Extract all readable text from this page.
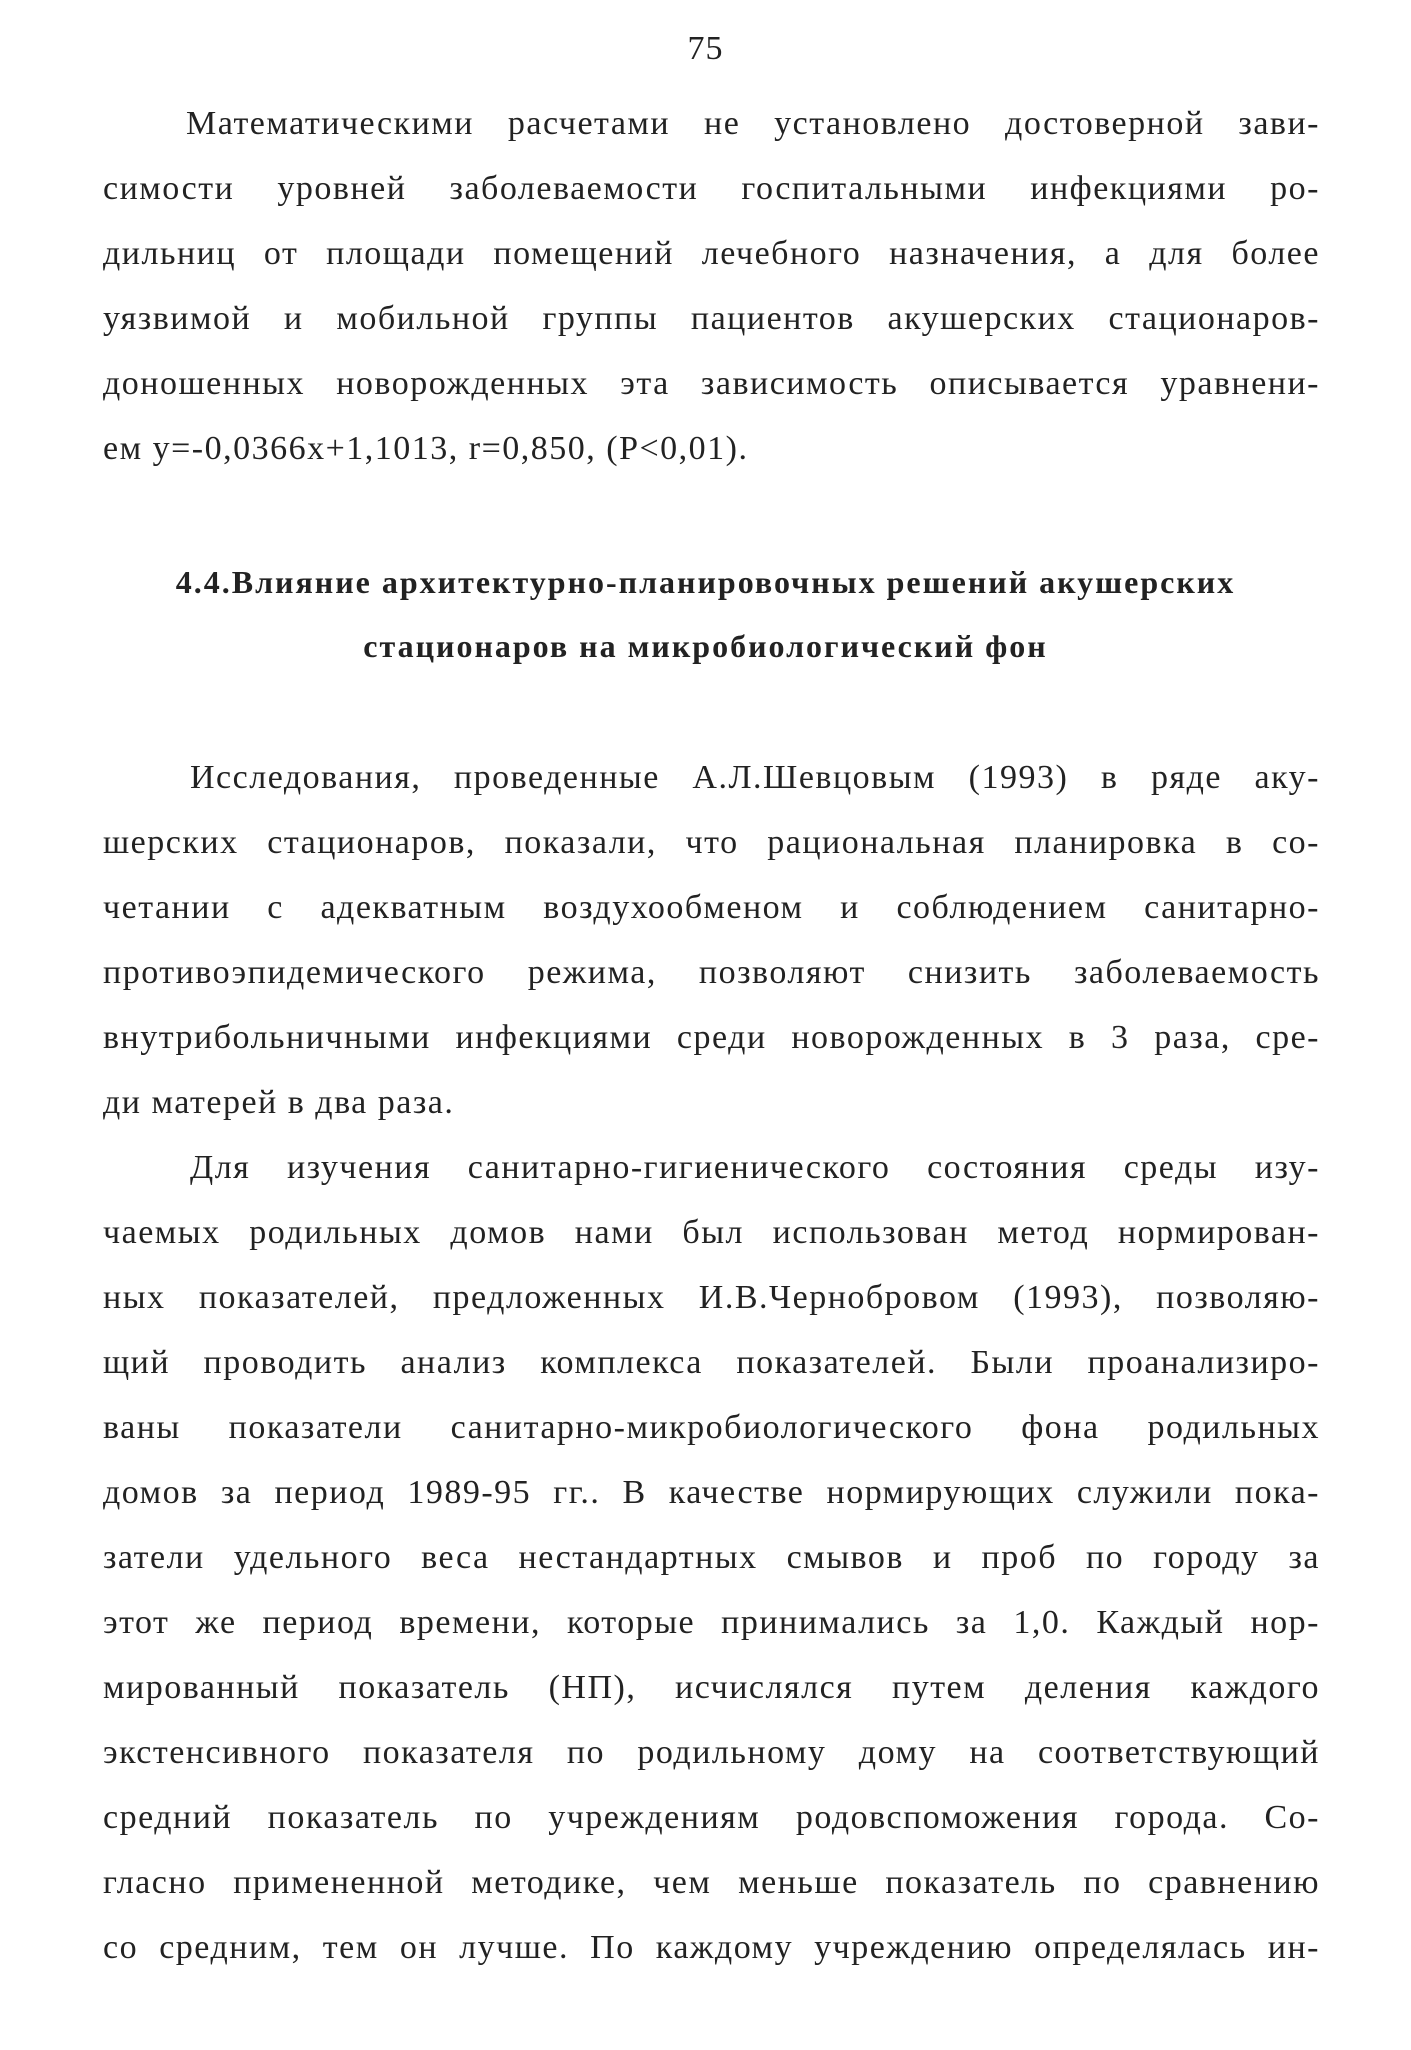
75
Математическими расчетами не установлено достоверной зави-
симости уровней заболеваемости госпитальными инфекциями ро-
дильниц от площади помещений лечебного назначения, а для более
уязвимой и мобильной группы пациентов акушерских стационаров-
доношенных новорожденных эта зависимость описывается уравнени-
ем y=-0,0366x+1,1013, r=0,850, (P<0,01).
4.4.Влияние архитектурно-планировочных решений акушерских
стационаров на микробиологический фон
Исследования, проведенные А.Л.Шевцовым (1993) в ряде аку-
шерских стационаров, показали, что рациональная планировка в со-
четании с адекватным воздухообменом и соблюдением санитарно-
противоэпидемического режима, позволяют снизить заболеваемость
внутрибольничными инфекциями среди новорожденных в 3 раза, сре-
ди матерей в два раза.
Для изучения санитарно-гигиенического состояния среды изу-
чаемых родильных домов нами был использован метод нормирован-
ных показателей, предложенных И.В.Чернобровом (1993), позволяю-
щий проводить анализ комплекса показателей. Были проанализиро-
ваны показатели санитарно-микробиологического фона родильных
домов за период 1989-95 гг.. В качестве нормирующих служили пока-
затели удельного веса нестандартных смывов и проб по городу за
этот же период времени, которые принимались за 1,0. Каждый нор-
мированный показатель (НП), исчислялся путем деления каждого
экстенсивного показателя по родильному дому на соответствующий
средний показатель по учреждениям родовспоможения города. Со-
гласно примененной методике, чем меньше показатель по сравнению
со средним, тем он лучше. По каждому учреждению определялась ин-
